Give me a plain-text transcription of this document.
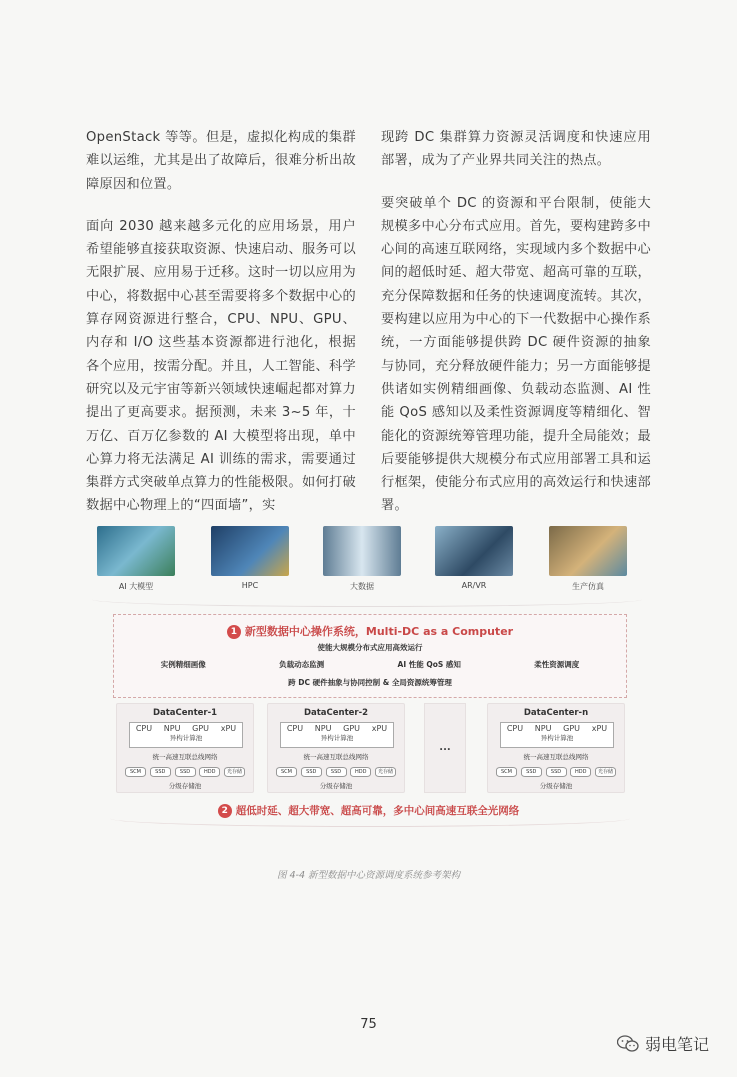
OpenStack 等等。但是，虚拟化构成的集群难以运维，尤其是出了故障后，很难分析出故障原因和位置。

面向 2030 越来越多元化的应用场景，用户希望能够直接获取资源、快速启动、服务可以无限扩展、应用易于迁移。这时一切以应用为中心，将数据中心甚至需要将多个数据中心的算存网资源进行整合，CPU、NPU、GPU、内存和 I/O 这些基本资源都进行池化，根据各个应用，按需分配。并且，人工智能、科学研究以及元宇宙等新兴领域快速崛起都对算力提出了更高要求。据预测，未来 3~5 年，十万亿、百万亿参数的 AI 大模型将出现，单中心算力将无法满足 AI 训练的需求，需要通过集群方式突破单点算力的性能极限。如何打破数据中心物理上的“四面墙”，实

现跨 DC 集群算力资源灵活调度和快速应用部署，成为了产业界共同关注的热点。

要突破单个 DC 的资源和平台限制，使能大规模多中心分布式应用。首先，要构建跨多中心间的高速互联网络，实现域内多个数据中心间的超低时延、超大带宽、超高可靠的互联，充分保障数据和任务的快速调度流转。其次，要构建以应用为中心的下一代数据中心操作系统，一方面能够提供跨 DC 硬件资源的抽象与协同，充分释放硬件能力；另一方面能够提供诸如实例精细画像、负载动态监测、AI 性能 QoS 感知以及柔性资源调度等精细化、智能化的资源统筹管理功能，提升全局能效；最后要能够提供大规模分布式应用部署工具和运行框架，使能分布式应用的高效运行和快速部署。

AI 大模型	HPC	大数据	AR/VR	生产仿真
1 新型数据中心操作系统，Multi-DC as a Computer
使能大规模分布式应用高效运行
实例精细画像	负载动态监测	AI 性能 QoS 感知	柔性资源调度
跨 DC 硬件抽象与协同控制 & 全局资源统筹管理
DataCenter-1
CPU NPU GPU xPU
异构计算池
统一高速互联总线网络
SCM	SSD	SSD	HDD	光存储
分级存储池
DataCenter-2
CPU NPU GPU xPU
异构计算池
统一高速互联总线网络
SCM	SSD	SSD	HDD	光存储
分级存储池
...
DataCenter-n
CPU NPU GPU xPU
异构计算池
统一高速互联总线网络
SCM	SSD	SSD	HDD	光存储
分级存储池
2 超低时延、超大带宽、超高可靠，多中心间高速互联全光网络
图 4-4 新型数据中心资源调度系统参考架构
75
弱电笔记
